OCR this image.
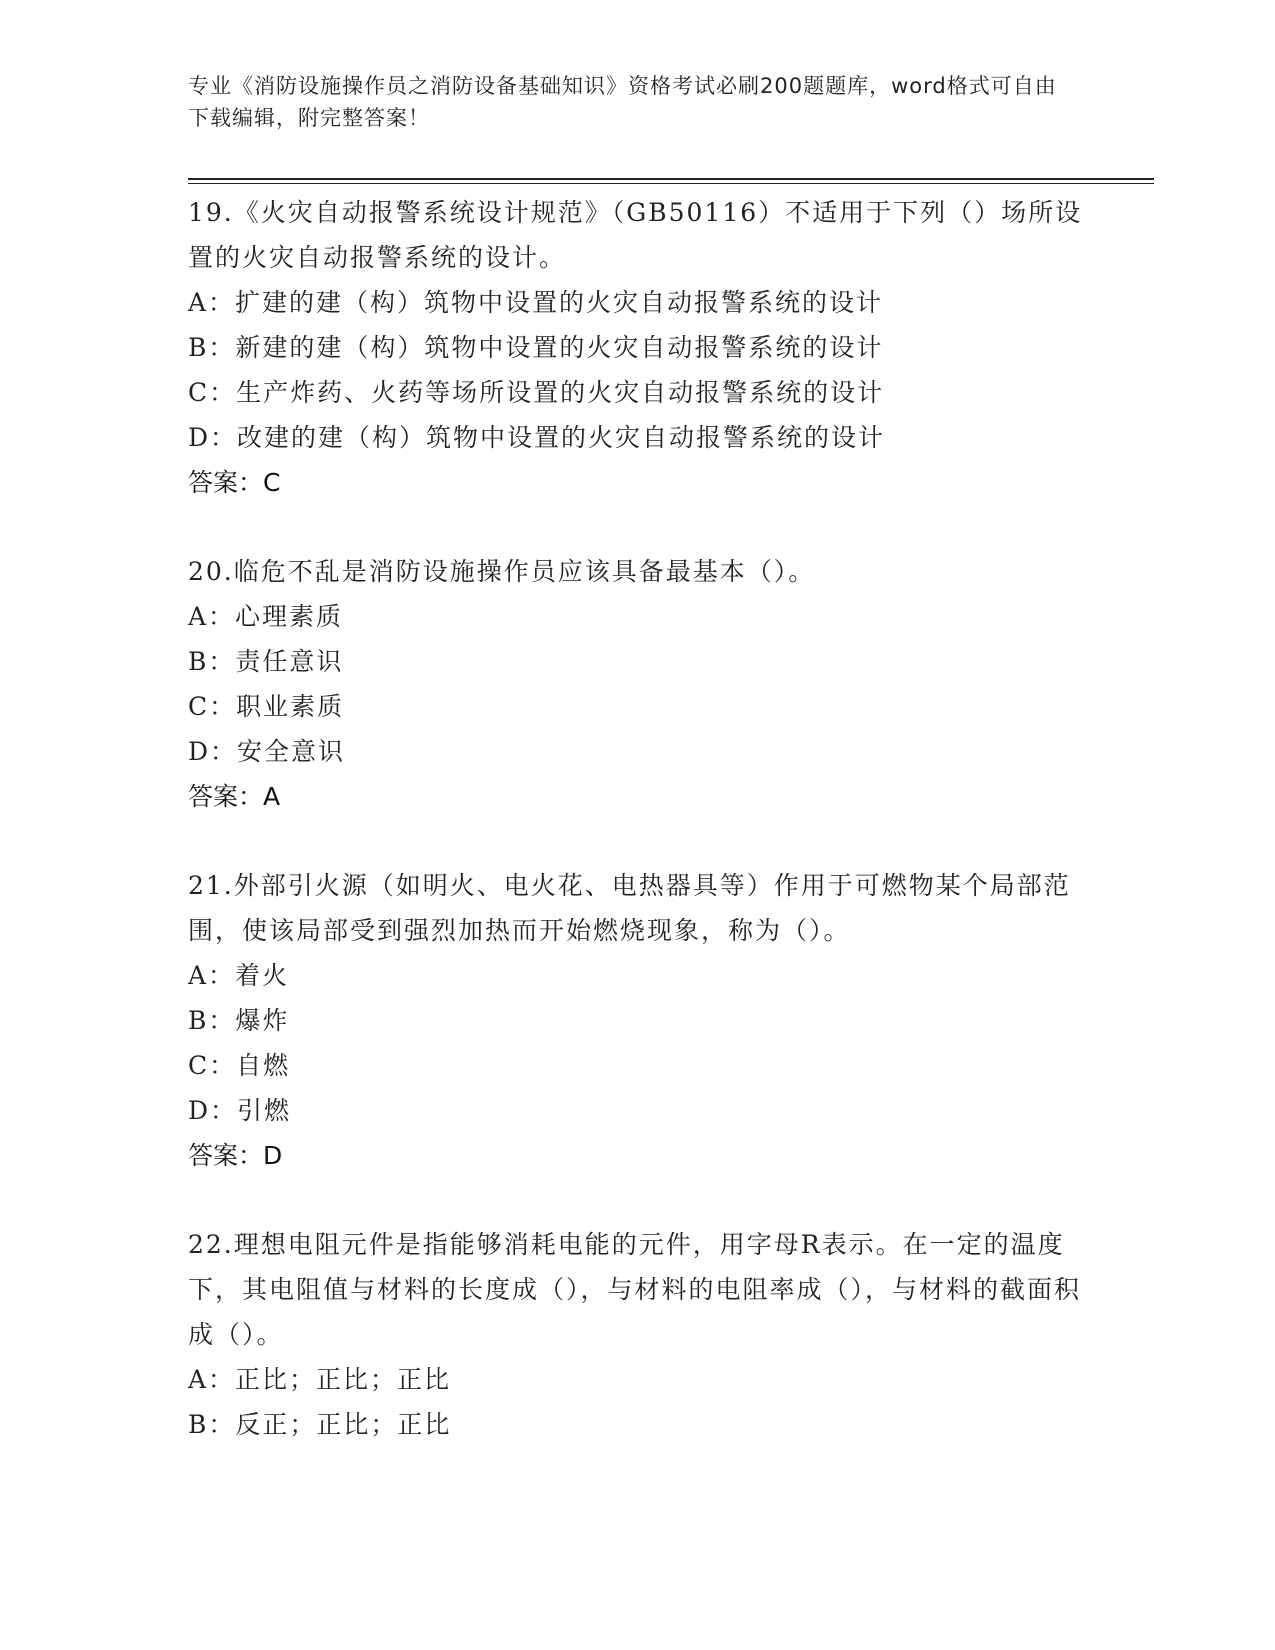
专业《消防设施操作员之消防设备基础知识》资格考试必刷200题题库，word格式可自由下载编辑，附完整答案！

19.《火灾自动报警系统设计规范》（GB50116）不适用于下列（）场所设置的火灾自动报警系统的设计。

A：扩建的建（构）筑物中设置的火灾自动报警系统的设计

B：新建的建（构）筑物中设置的火灾自动报警系统的设计

C：生产炸药、火药等场所设置的火灾自动报警系统的设计

D：改建的建（构）筑物中设置的火灾自动报警系统的设计

答案：C

20.临危不乱是消防设施操作员应该具备最基本（）。

A：心理素质

B：责任意识

C：职业素质

D：安全意识

答案：A

21.外部引火源（如明火、电火花、电热器具等）作用于可燃物某个局部范围，使该局部受到强烈加热而开始燃烧现象，称为（）。

A：着火

B：爆炸

C：自燃

D：引燃

答案：D

22.理想电阻元件是指能够消耗电能的元件，用字母R表示。在一定的温度下，其电阻值与材料的长度成（），与材料的电阻率成（），与材料的截面积成（）。

A：正比；正比；正比

B：反正；正比；正比
